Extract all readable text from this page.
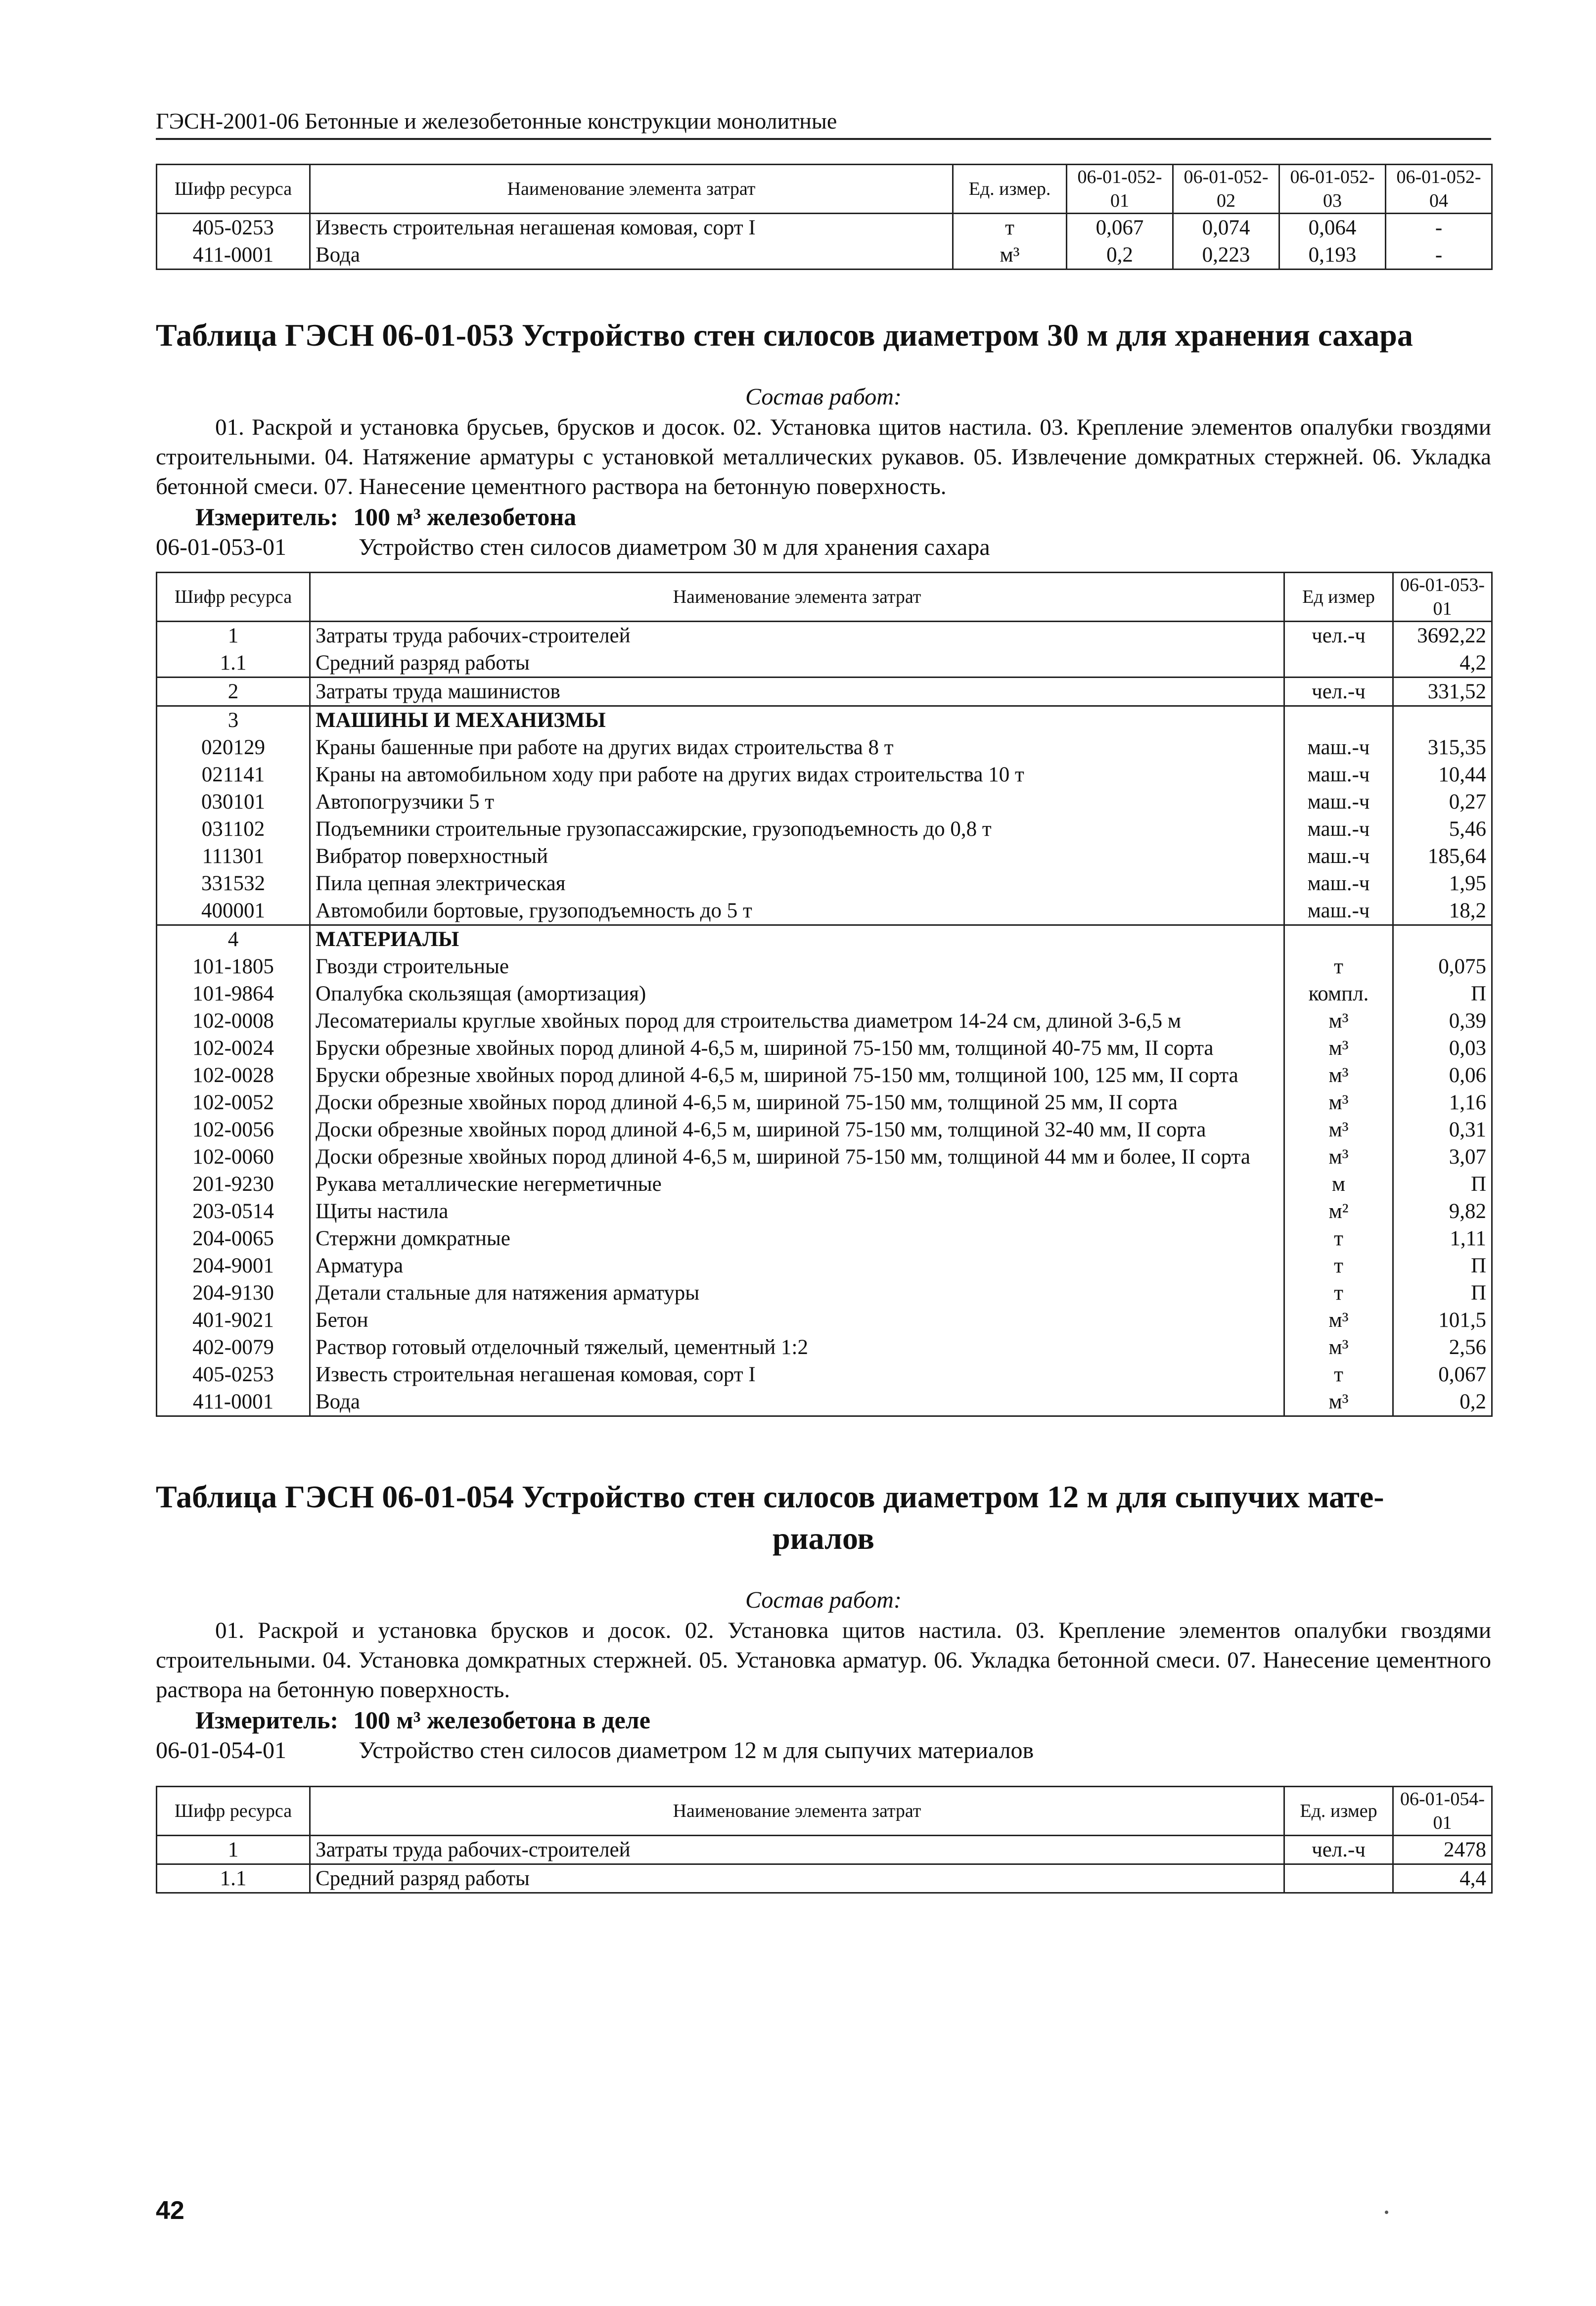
ГЭСН-2001-06 Бетонные и железобетонные конструкции монолитные
Шифр ресурса	Наименование элемента затрат	Ед. измер.	06-01-052-01	06-01-052-02	06-01-052-03	06-01-052-04
405-0253	Известь строительная негашеная комовая, сорт I	т	0,067	0,074	0,064	-
411-0001	Вода	м³	0,2	0,223	0,193	-
Таблица ГЭСН 06-01-053 Устройство стен силосов диаметром 30 м для хранения сахара
Состав работ:
01. Раскрой и установка брусьев, брусков и досок. 02. Установка щитов настила. 03. Крепление элементов опалубки гвоздями строительными. 04. Натяжение арматуры с установкой металлических рукавов. 05. Извлечение домкратных стержней. 06. Укладка бетонной смеси. 07. Нанесение цементного раствора на бетонную поверхность.
Измеритель: 100 м³ железобетона
06-01-053-01	Устройство стен силосов диаметром 30 м для хранения сахара
Шифр ресурса	Наименование элемента затрат	Ед измер	06-01-053-01
1	Затраты труда рабочих-строителей	чел.-ч	3692,22
1.1	Средний разряд работы		4,2
2	Затраты труда машинистов	чел.-ч	331,52
3	МАШИНЫ И МЕХАНИЗМЫ		
020129	Краны башенные при работе на других видах строительства 8 т	маш.-ч	315,35
021141	Краны на автомобильном ходу при работе на других видах строительства 10 т	маш.-ч	10,44
030101	Автопогрузчики 5 т	маш.-ч	0,27
031102	Подъемники строительные грузопассажирские, грузоподъемность до 0,8 т	маш.-ч	5,46
111301	Вибратор поверхностный	маш.-ч	185,64
331532	Пила цепная электрическая	маш.-ч	1,95
400001	Автомобили бортовые, грузоподъемность до 5 т	маш.-ч	18,2
4	МАТЕРИАЛЫ		
101-1805	Гвозди строительные	т	0,075
101-9864	Опалубка скользящая (амортизация)	компл.	П
102-0008	Лесоматериалы круглые хвойных пород для строительства диаметром 14-24 см, длиной 3-6,5 м	м³	0,39
102-0024	Бруски обрезные хвойных пород длиной 4-6,5 м, шириной 75-150 мм, толщиной 40-75 мм, II сорта	м³	0,03
102-0028	Бруски обрезные хвойных пород длиной 4-6,5 м, шириной 75-150 мм, толщиной 100, 125 мм, II сорта	м³	0,06
102-0052	Доски обрезные хвойных пород длиной 4-6,5 м, шириной 75-150 мм, толщиной 25 мм, II сорта	м³	1,16
102-0056	Доски обрезные хвойных пород длиной 4-6,5 м, шириной 75-150 мм, толщиной 32-40 мм, II сорта	м³	0,31
102-0060	Доски обрезные хвойных пород длиной 4-6,5 м, шириной 75-150 мм, толщиной 44 мм и более, II сорта	м³	3,07
201-9230	Рукава металлические негерметичные	м	П
203-0514	Щиты настила	м²	9,82
204-0065	Стержни домкратные	т	1,11
204-9001	Арматура	т	П
204-9130	Детали стальные для натяжения арматуры	т	П
401-9021	Бетон	м³	101,5
402-0079	Раствор готовый отделочный тяжелый, цементный 1:2	м³	2,56
405-0253	Известь строительная негашеная комовая, сорт I	т	0,067
411-0001	Вода	м³	0,2
Таблица ГЭСН 06-01-054 Устройство стен силосов диаметром 12 м для сыпучих мате-
риалов
Состав работ:
01. Раскрой и установка брусков и досок. 02. Установка щитов настила. 03. Крепление элементов опалубки гвоздями строительными. 04. Установка домкратных стержней. 05. Установка арматур. 06. Укладка бетонной смеси. 07. Нанесение цементного раствора на бетонную поверхность.
Измеритель: 100 м³ железобетона в деле
06-01-054-01	Устройство стен силосов диаметром 12 м для сыпучих материалов
Шифр ресурса	Наименование элемента затрат	Ед. измер	06-01-054-01
1	Затраты труда рабочих-строителей	чел.-ч	2478
1.1	Средний разряд работы		4,4
42
